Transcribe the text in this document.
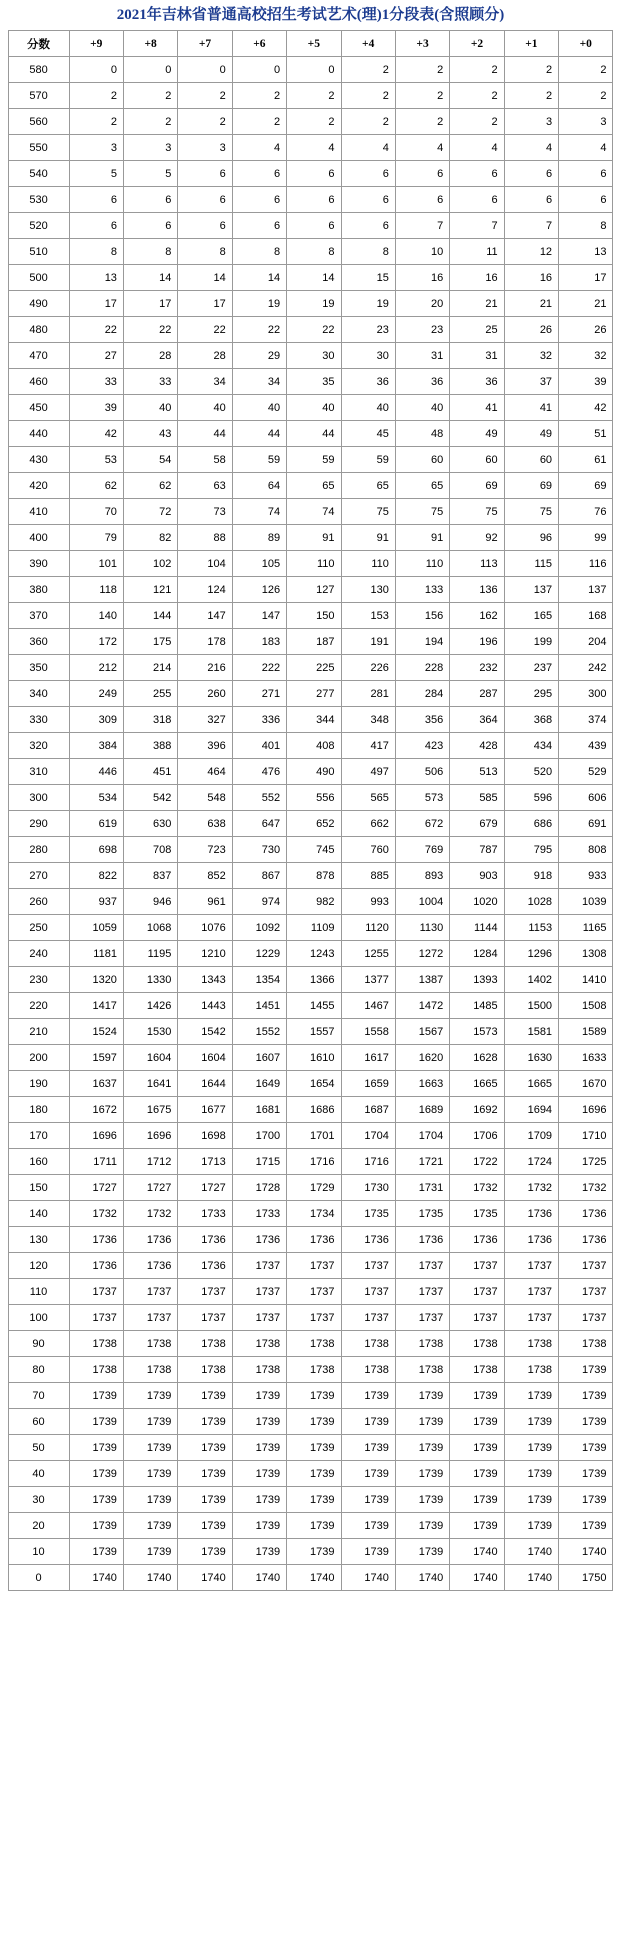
2021年吉林省普通高校招生考试艺术(理)1分段表(含照顾分)
分数	+9	+8	+7	+6	+5	+4	+3	+2	+1	+0
580	0	0	0	0	0	2	2	2	2	2
570	2	2	2	2	2	2	2	2	2	2
560	2	2	2	2	2	2	2	2	3	3
550	3	3	3	4	4	4	4	4	4	4
540	5	5	6	6	6	6	6	6	6	6
530	6	6	6	6	6	6	6	6	6	6
520	6	6	6	6	6	6	7	7	7	8
510	8	8	8	8	8	8	10	11	12	13
500	13	14	14	14	14	15	16	16	16	17
490	17	17	17	19	19	19	20	21	21	21
480	22	22	22	22	22	23	23	25	26	26
470	27	28	28	29	30	30	31	31	32	32
460	33	33	34	34	35	36	36	36	37	39
450	39	40	40	40	40	40	40	41	41	42
440	42	43	44	44	44	45	48	49	49	51
430	53	54	58	59	59	59	60	60	60	61
420	62	62	63	64	65	65	65	69	69	69
410	70	72	73	74	74	75	75	75	75	76
400	79	82	88	89	91	91	91	92	96	99
390	101	102	104	105	110	110	110	113	115	116
380	118	121	124	126	127	130	133	136	137	137
370	140	144	147	147	150	153	156	162	165	168
360	172	175	178	183	187	191	194	196	199	204
350	212	214	216	222	225	226	228	232	237	242
340	249	255	260	271	277	281	284	287	295	300
330	309	318	327	336	344	348	356	364	368	374
320	384	388	396	401	408	417	423	428	434	439
310	446	451	464	476	490	497	506	513	520	529
300	534	542	548	552	556	565	573	585	596	606
290	619	630	638	647	652	662	672	679	686	691
280	698	708	723	730	745	760	769	787	795	808
270	822	837	852	867	878	885	893	903	918	933
260	937	946	961	974	982	993	1004	1020	1028	1039
250	1059	1068	1076	1092	1109	1120	1130	1144	1153	1165
240	1181	1195	1210	1229	1243	1255	1272	1284	1296	1308
230	1320	1330	1343	1354	1366	1377	1387	1393	1402	1410
220	1417	1426	1443	1451	1455	1467	1472	1485	1500	1508
210	1524	1530	1542	1552	1557	1558	1567	1573	1581	1589
200	1597	1604	1604	1607	1610	1617	1620	1628	1630	1633
190	1637	1641	1644	1649	1654	1659	1663	1665	1665	1670
180	1672	1675	1677	1681	1686	1687	1689	1692	1694	1696
170	1696	1696	1698	1700	1701	1704	1704	1706	1709	1710
160	1711	1712	1713	1715	1716	1716	1721	1722	1724	1725
150	1727	1727	1727	1728	1729	1730	1731	1732	1732	1732
140	1732	1732	1733	1733	1734	1735	1735	1735	1736	1736
130	1736	1736	1736	1736	1736	1736	1736	1736	1736	1736
120	1736	1736	1736	1737	1737	1737	1737	1737	1737	1737
110	1737	1737	1737	1737	1737	1737	1737	1737	1737	1737
100	1737	1737	1737	1737	1737	1737	1737	1737	1737	1737
90	1738	1738	1738	1738	1738	1738	1738	1738	1738	1738
80	1738	1738	1738	1738	1738	1738	1738	1738	1738	1739
70	1739	1739	1739	1739	1739	1739	1739	1739	1739	1739
60	1739	1739	1739	1739	1739	1739	1739	1739	1739	1739
50	1739	1739	1739	1739	1739	1739	1739	1739	1739	1739
40	1739	1739	1739	1739	1739	1739	1739	1739	1739	1739
30	1739	1739	1739	1739	1739	1739	1739	1739	1739	1739
20	1739	1739	1739	1739	1739	1739	1739	1739	1739	1739
10	1739	1739	1739	1739	1739	1739	1739	1740	1740	1740
0	1740	1740	1740	1740	1740	1740	1740	1740	1740	1750
